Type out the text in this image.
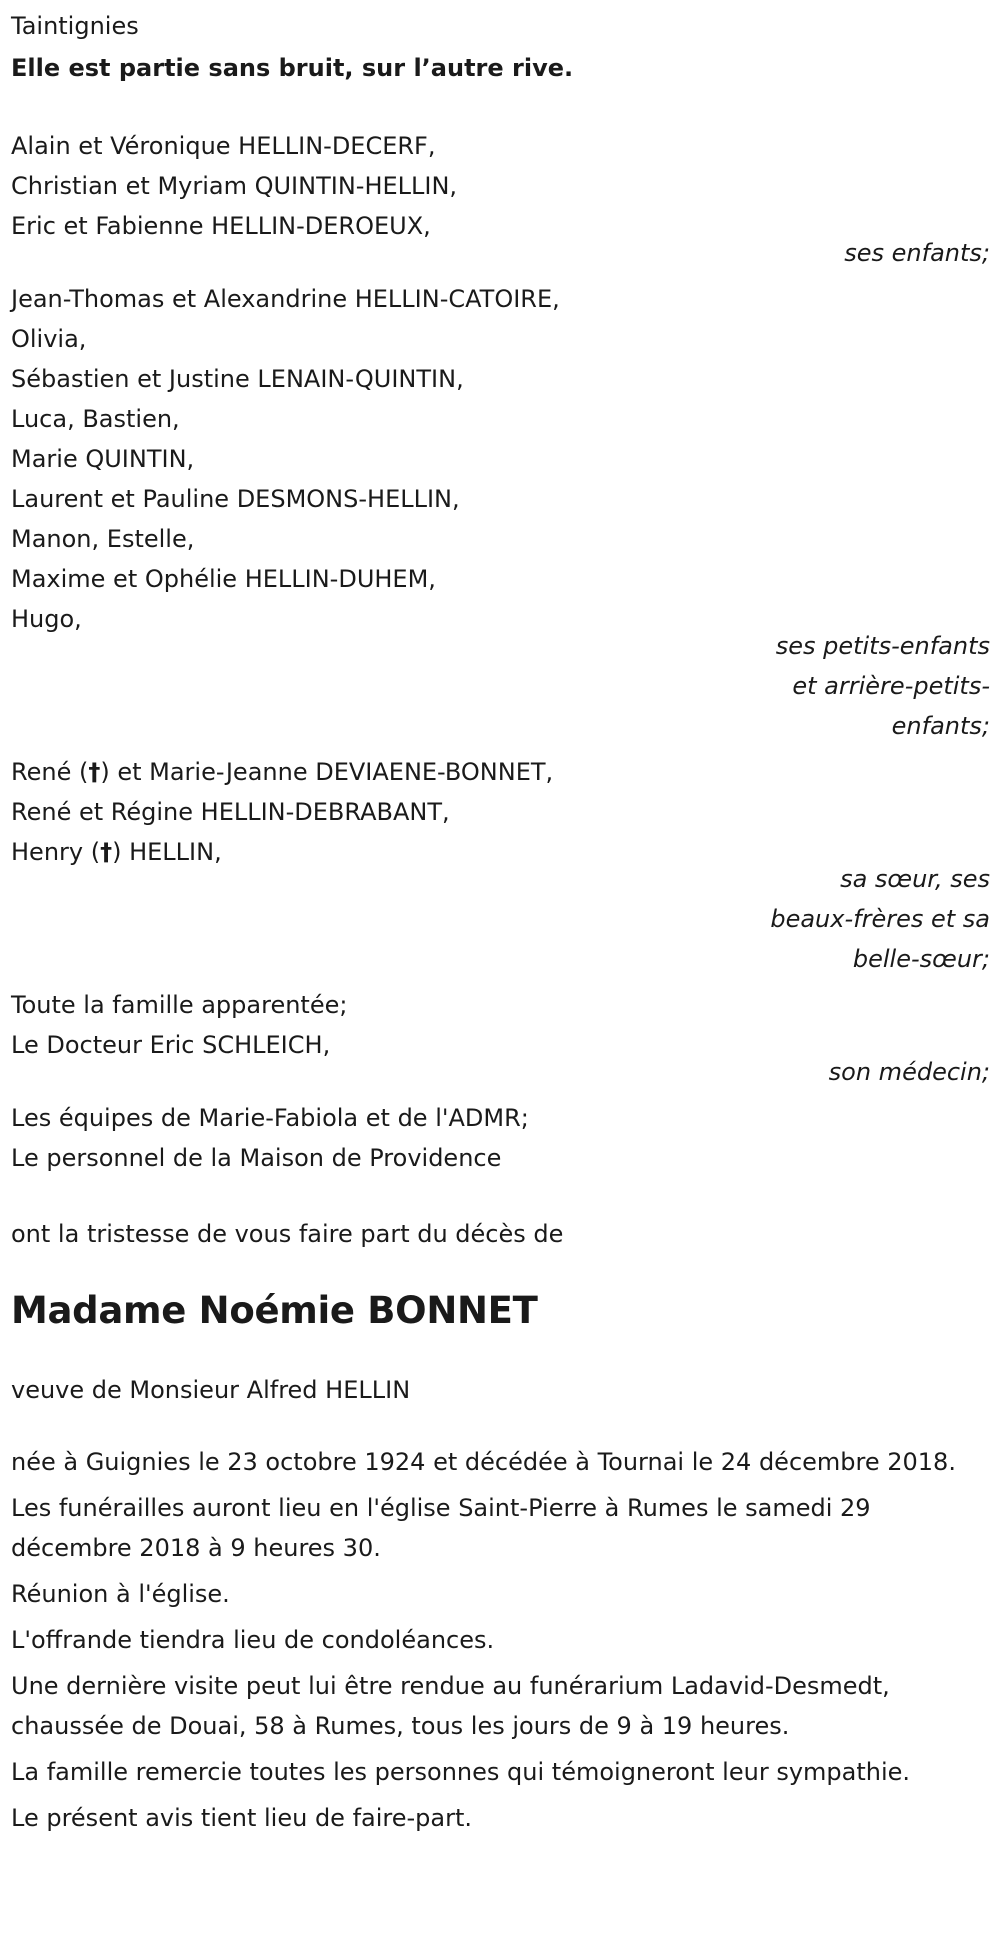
Taintignies

Elle est partie sans bruit, sur l’autre rive.

Alain et Véronique HELLIN-DECERF,
Christian et Myriam QUINTIN-HELLIN,
Eric et Fabienne HELLIN-DEROEUX,
ses enfants;
Jean-Thomas et Alexandrine HELLIN-CATOIRE,
Olivia,
Sébastien et Justine LENAIN-QUINTIN,
Luca, Bastien,
Marie QUINTIN,
Laurent et Pauline DESMONS-HELLIN,
Manon, Estelle,
Maxime et Ophélie HELLIN-DUHEM,
Hugo,
ses petits-enfants et arrière-petits-enfants;
René (†) et Marie-Jeanne DEVIAENE-BONNET,
René et Régine HELLIN-DEBRABANT,
Henry (†) HELLIN,
sa sœur, ses beaux-frères et sa belle-sœur;
Toute la famille apparentée;
Le Docteur Eric SCHLEICH,
son médecin;
Les équipes de Marie-Fabiola et de l'ADMR;
Le personnel de la Maison de Providence

ont la tristesse de vous faire part du décès de

Madame Noémie BONNET

veuve de Monsieur Alfred HELLIN

née à Guignies le 23 octobre 1924 et décédée à Tournai le 24 décembre 2018.

Les funérailles auront lieu en l'église Saint-Pierre à Rumes le samedi 29 décembre 2018 à 9 heures 30.

Réunion à l'église.

L'offrande tiendra lieu de condoléances.

Une dernière visite peut lui être rendue au funérarium Ladavid-Desmedt, chaussée de Douai, 58 à Rumes, tous les jours de 9 à 19 heures.

La famille remercie toutes les personnes qui témoigneront leur sympathie.

Le présent avis tient lieu de faire-part.
